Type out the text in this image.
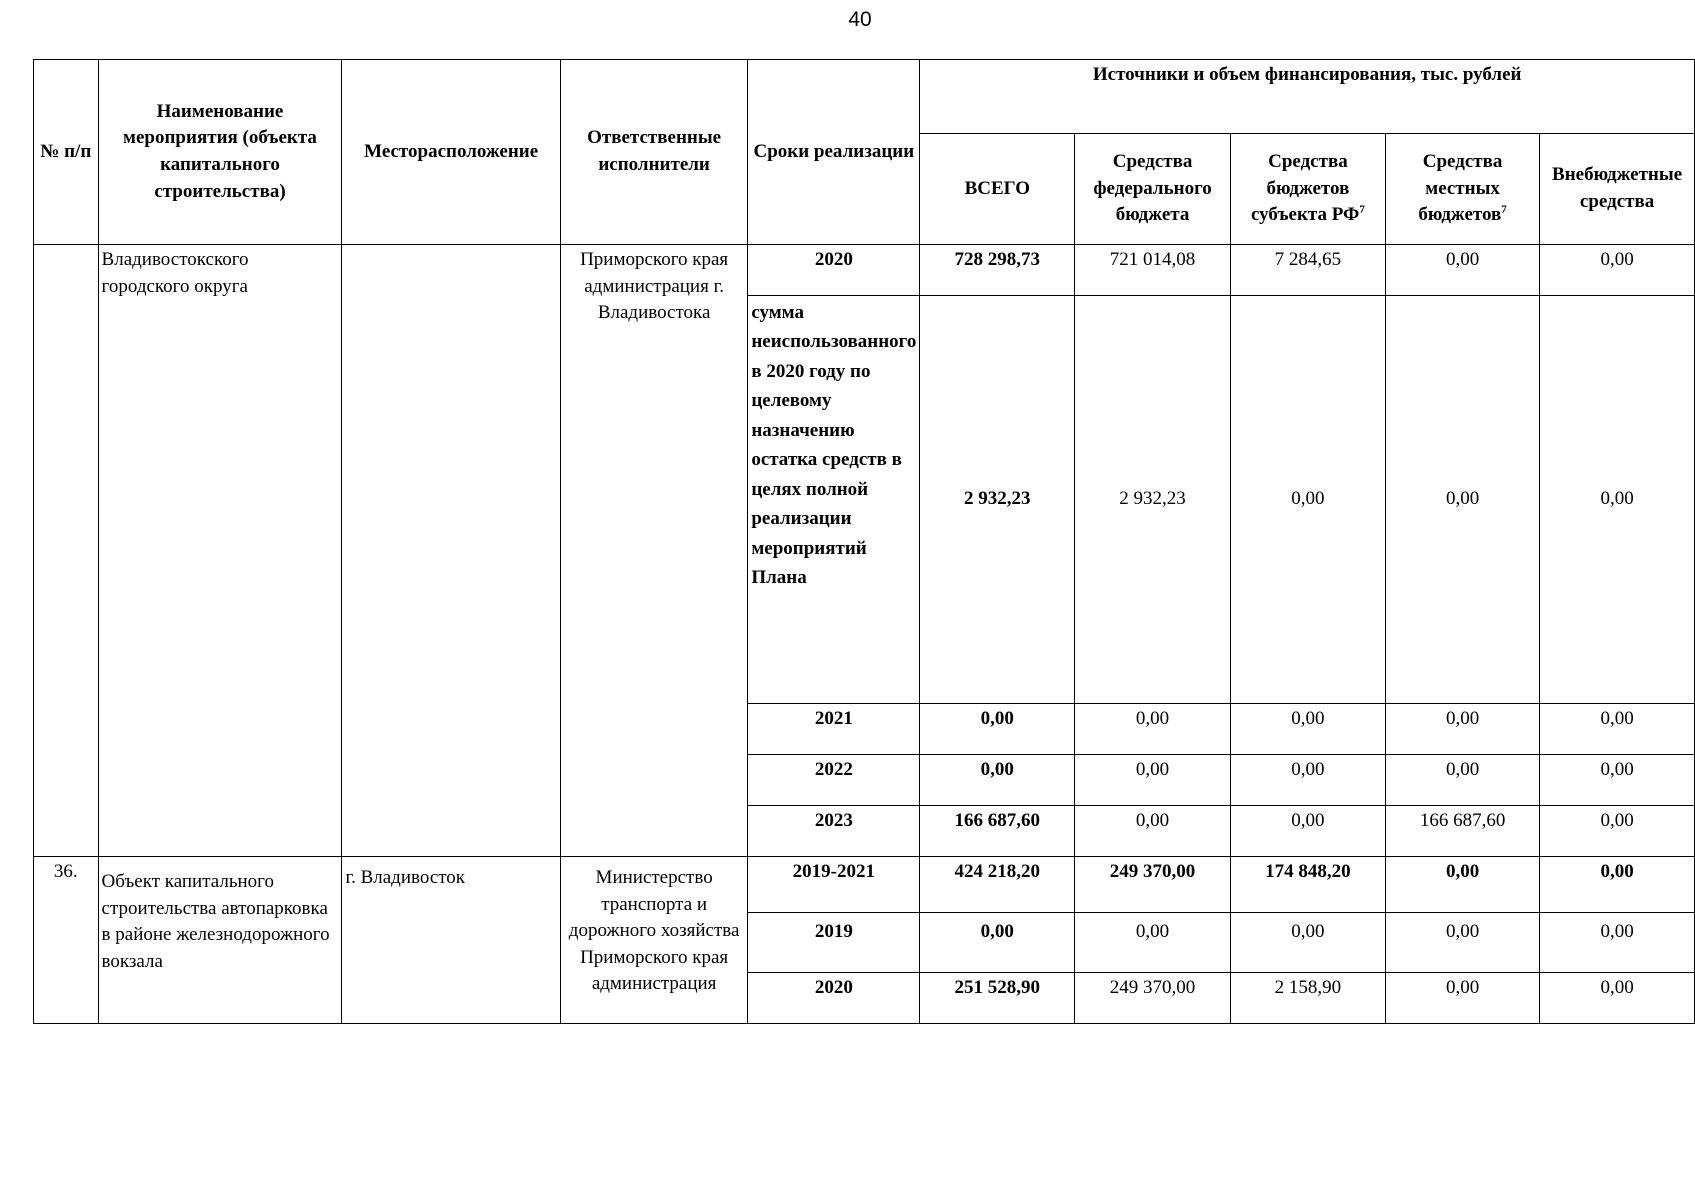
40
№ п/п	Наименование мероприятия (объекта капитального строительства)	Месторасположение	Ответственные исполнители	Сроки реализации	Источники и объем финансирования, тыс. рублей				
					ВСЕГО	Средства федерального бюджета	Средства бюджетов субъекта $РФ^7$	Средства местных бюджетов$^7$	Внебюджетные средства
	Владивостокского городского округа		Приморского края администрация г. Владивостока	2020	728 298,73	721 014,08	7 284,65	0,00	0,00
				сумма неиспользованного в 2020 году по целевому назначению остатка средств в целях полной реализации мероприятий Плана	2 932,23	2 932,23	0,00	0,00	0,00
				2021	0,00	0,00	0,00	0,00	0,00
				2022	0,00	0,00	0,00	0,00	0,00
				2023	166 687,60	0,00	0,00	166 687,60	0,00
36.	Объект капитального строительства автопарковка в районе железнодорожного вокзала	г. Владивосток	Министерство транспорта и дорожного хозяйства Приморского края администрация	2019-2021	424 218,20	249 370,00	174 848,20	0,00	0,00
				2019	0,00	0,00	0,00	0,00	0,00
				2020	251 528,90	249 370,00	2 158,90	0,00	0,00
